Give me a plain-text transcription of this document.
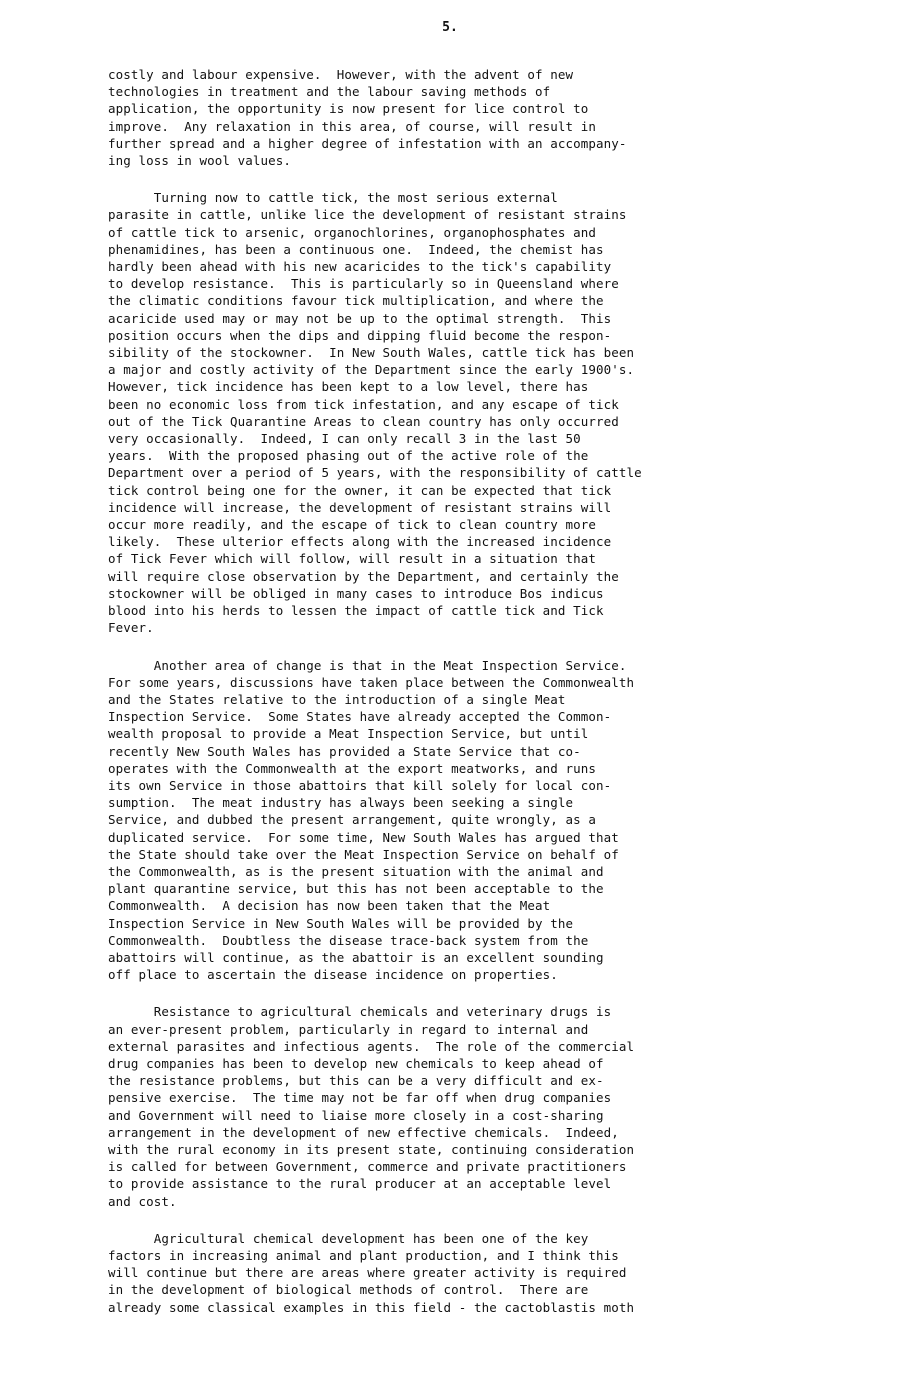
5.

costly and labour expensive.  However, with the advent of new
technologies in treatment and the labour saving methods of
application, the opportunity is now present for lice control to
improve.  Any relaxation in this area, of course, will result in
further spread and a higher degree of infestation with an accompany-
ing loss in wool values.

Turning now to cattle tick, the most serious external
parasite in cattle, unlike lice the development of resistant strains
of cattle tick to arsenic, organochlorines, organophosphates and
phenamidines, has been a continuous one.  Indeed, the chemist has
hardly been ahead with his new acaricides to the tick's capability
to develop resistance.  This is particularly so in Queensland where
the climatic conditions favour tick multiplication, and where the
acaricide used may or may not be up to the optimal strength.  This
position occurs when the dips and dipping fluid become the respon-
sibility of the stockowner.  In New South Wales, cattle tick has been
a major and costly activity of the Department since the early 1900's.
However, tick incidence has been kept to a low level, there has
been no economic loss from tick infestation, and any escape of tick
out of the Tick Quarantine Areas to clean country has only occurred
very occasionally.  Indeed, I can only recall 3 in the last 50
years.  With the proposed phasing out of the active role of the
Department over a period of 5 years, with the responsibility of cattle
tick control being one for the owner, it can be expected that tick
incidence will increase, the development of resistant strains will
occur more readily, and the escape of tick to clean country more
likely.  These ulterior effects along with the increased incidence
of Tick Fever which will follow, will result in a situation that
will require close observation by the Department, and certainly the
stockowner will be obliged in many cases to introduce Bos indicus
blood into his herds to lessen the impact of cattle tick and Tick
Fever.

Another area of change is that in the Meat Inspection Service.
For some years, discussions have taken place between the Commonwealth
and the States relative to the introduction of a single Meat
Inspection Service.  Some States have already accepted the Common-
wealth proposal to provide a Meat Inspection Service, but until
recently New South Wales has provided a State Service that co-
operates with the Commonwealth at the export meatworks, and runs
its own Service in those abattoirs that kill solely for local con-
sumption.  The meat industry has always been seeking a single
Service, and dubbed the present arrangement, quite wrongly, as a
duplicated service.  For some time, New South Wales has argued that
the State should take over the Meat Inspection Service on behalf of
the Commonwealth, as is the present situation with the animal and
plant quarantine service, but this has not been acceptable to the
Commonwealth.  A decision has now been taken that the Meat
Inspection Service in New South Wales will be provided by the
Commonwealth.  Doubtless the disease trace-back system from the
abattoirs will continue, as the abattoir is an excellent sounding
off place to ascertain the disease incidence on properties.

Resistance to agricultural chemicals and veterinary drugs is
an ever-present problem, particularly in regard to internal and
external parasites and infectious agents.  The role of the commercial
drug companies has been to develop new chemicals to keep ahead of
the resistance problems, but this can be a very difficult and ex-
pensive exercise.  The time may not be far off when drug companies
and Government will need to liaise more closely in a cost-sharing
arrangement in the development of new effective chemicals.  Indeed,
with the rural economy in its present state, continuing consideration
is called for between Government, commerce and private practitioners
to provide assistance to the rural producer at an acceptable level
and cost.

Agricultural chemical development has been one of the key
factors in increasing animal and plant production, and I think this
will continue but there are areas where greater activity is required
in the development of biological methods of control.  There are
already some classical examples in this field - the cactoblastis moth
